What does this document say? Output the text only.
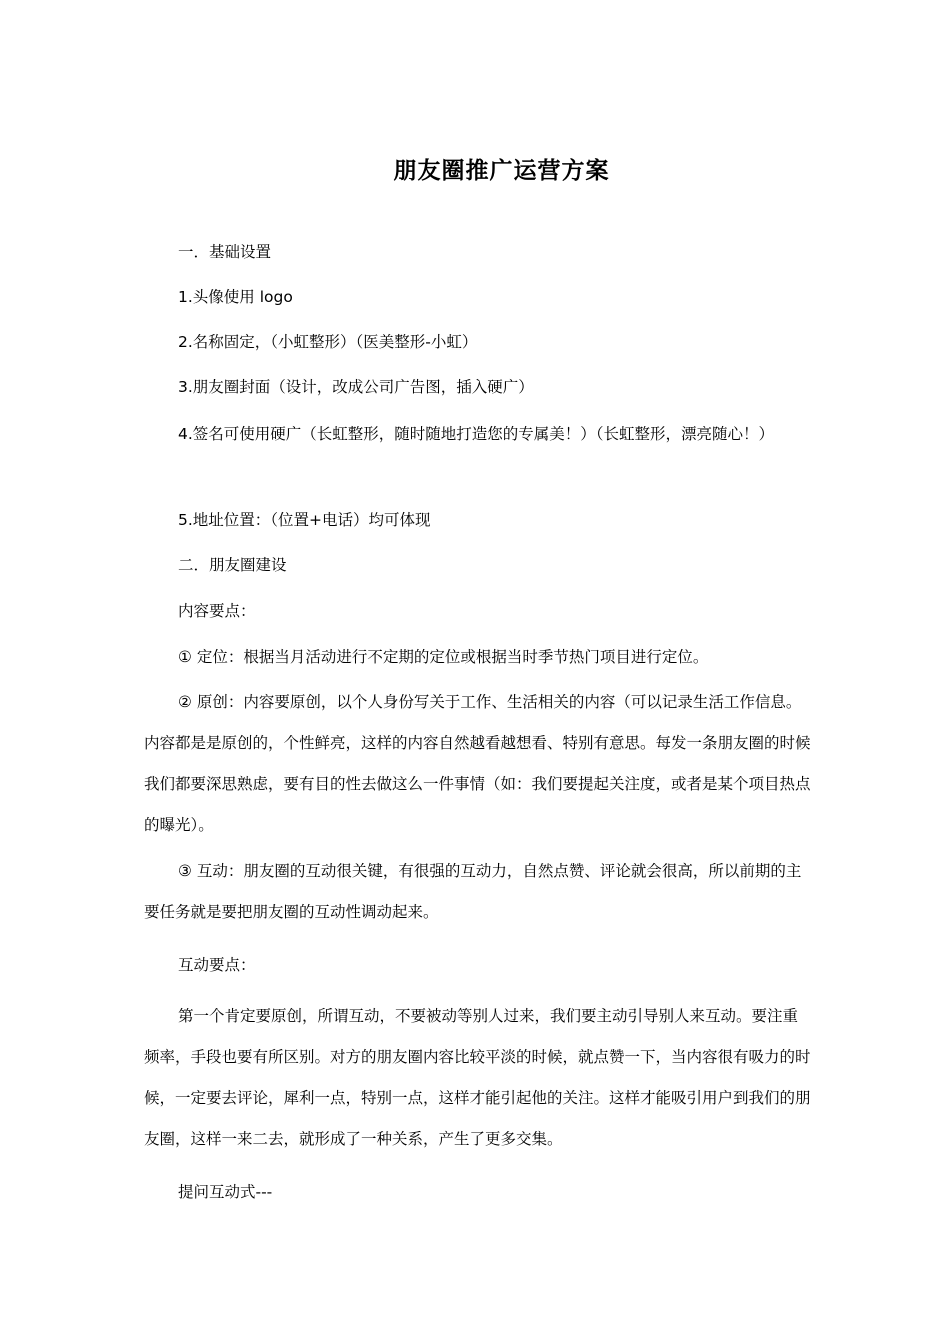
朋友圈推广运营方案

一．基础设置

1.头像使用 logo

2.名称固定，（小虹整形）（医美整形-小虹）

3.朋友圈封面（设计，改成公司广告图，插入硬广）

4.签名可使用硬广（长虹整形，随时随地打造您的专属美！）（长虹整形，漂亮随心！）

5.地址位置：（位置+电话）均可体现

二．朋友圈建设

内容要点：

① 定位：根据当月活动进行不定期的定位或根据当时季节热门项目进行定位。

② 原创：内容要原创，以个人身份写关于工作、生活相关的内容（可以记录生活工作信息。内容都是是原创的，个性鲜亮，这样的内容自然越看越想看、特别有意思。每发一条朋友圈的时候我们都要深思熟虑，要有目的性去做这么一件事情（如：我们要提起关注度，或者是某个项目热点的曝光）。

③ 互动：朋友圈的互动很关键，有很强的互动力，自然点赞、评论就会很高，所以前期的主要任务就是要把朋友圈的互动性调动起来。

互动要点：

第一个肯定要原创，所谓互动，不要被动等别人过来，我们要主动引导别人来互动。要注重频率，手段也要有所区别。对方的朋友圈内容比较平淡的时候，就点赞一下，当内容很有吸力的时候，一定要去评论，犀利一点，特别一点，这样才能引起他的关注。这样才能吸引用户到我们的朋友圈，这样一来二去，就形成了一种关系，产生了更多交集。

提问互动式---
